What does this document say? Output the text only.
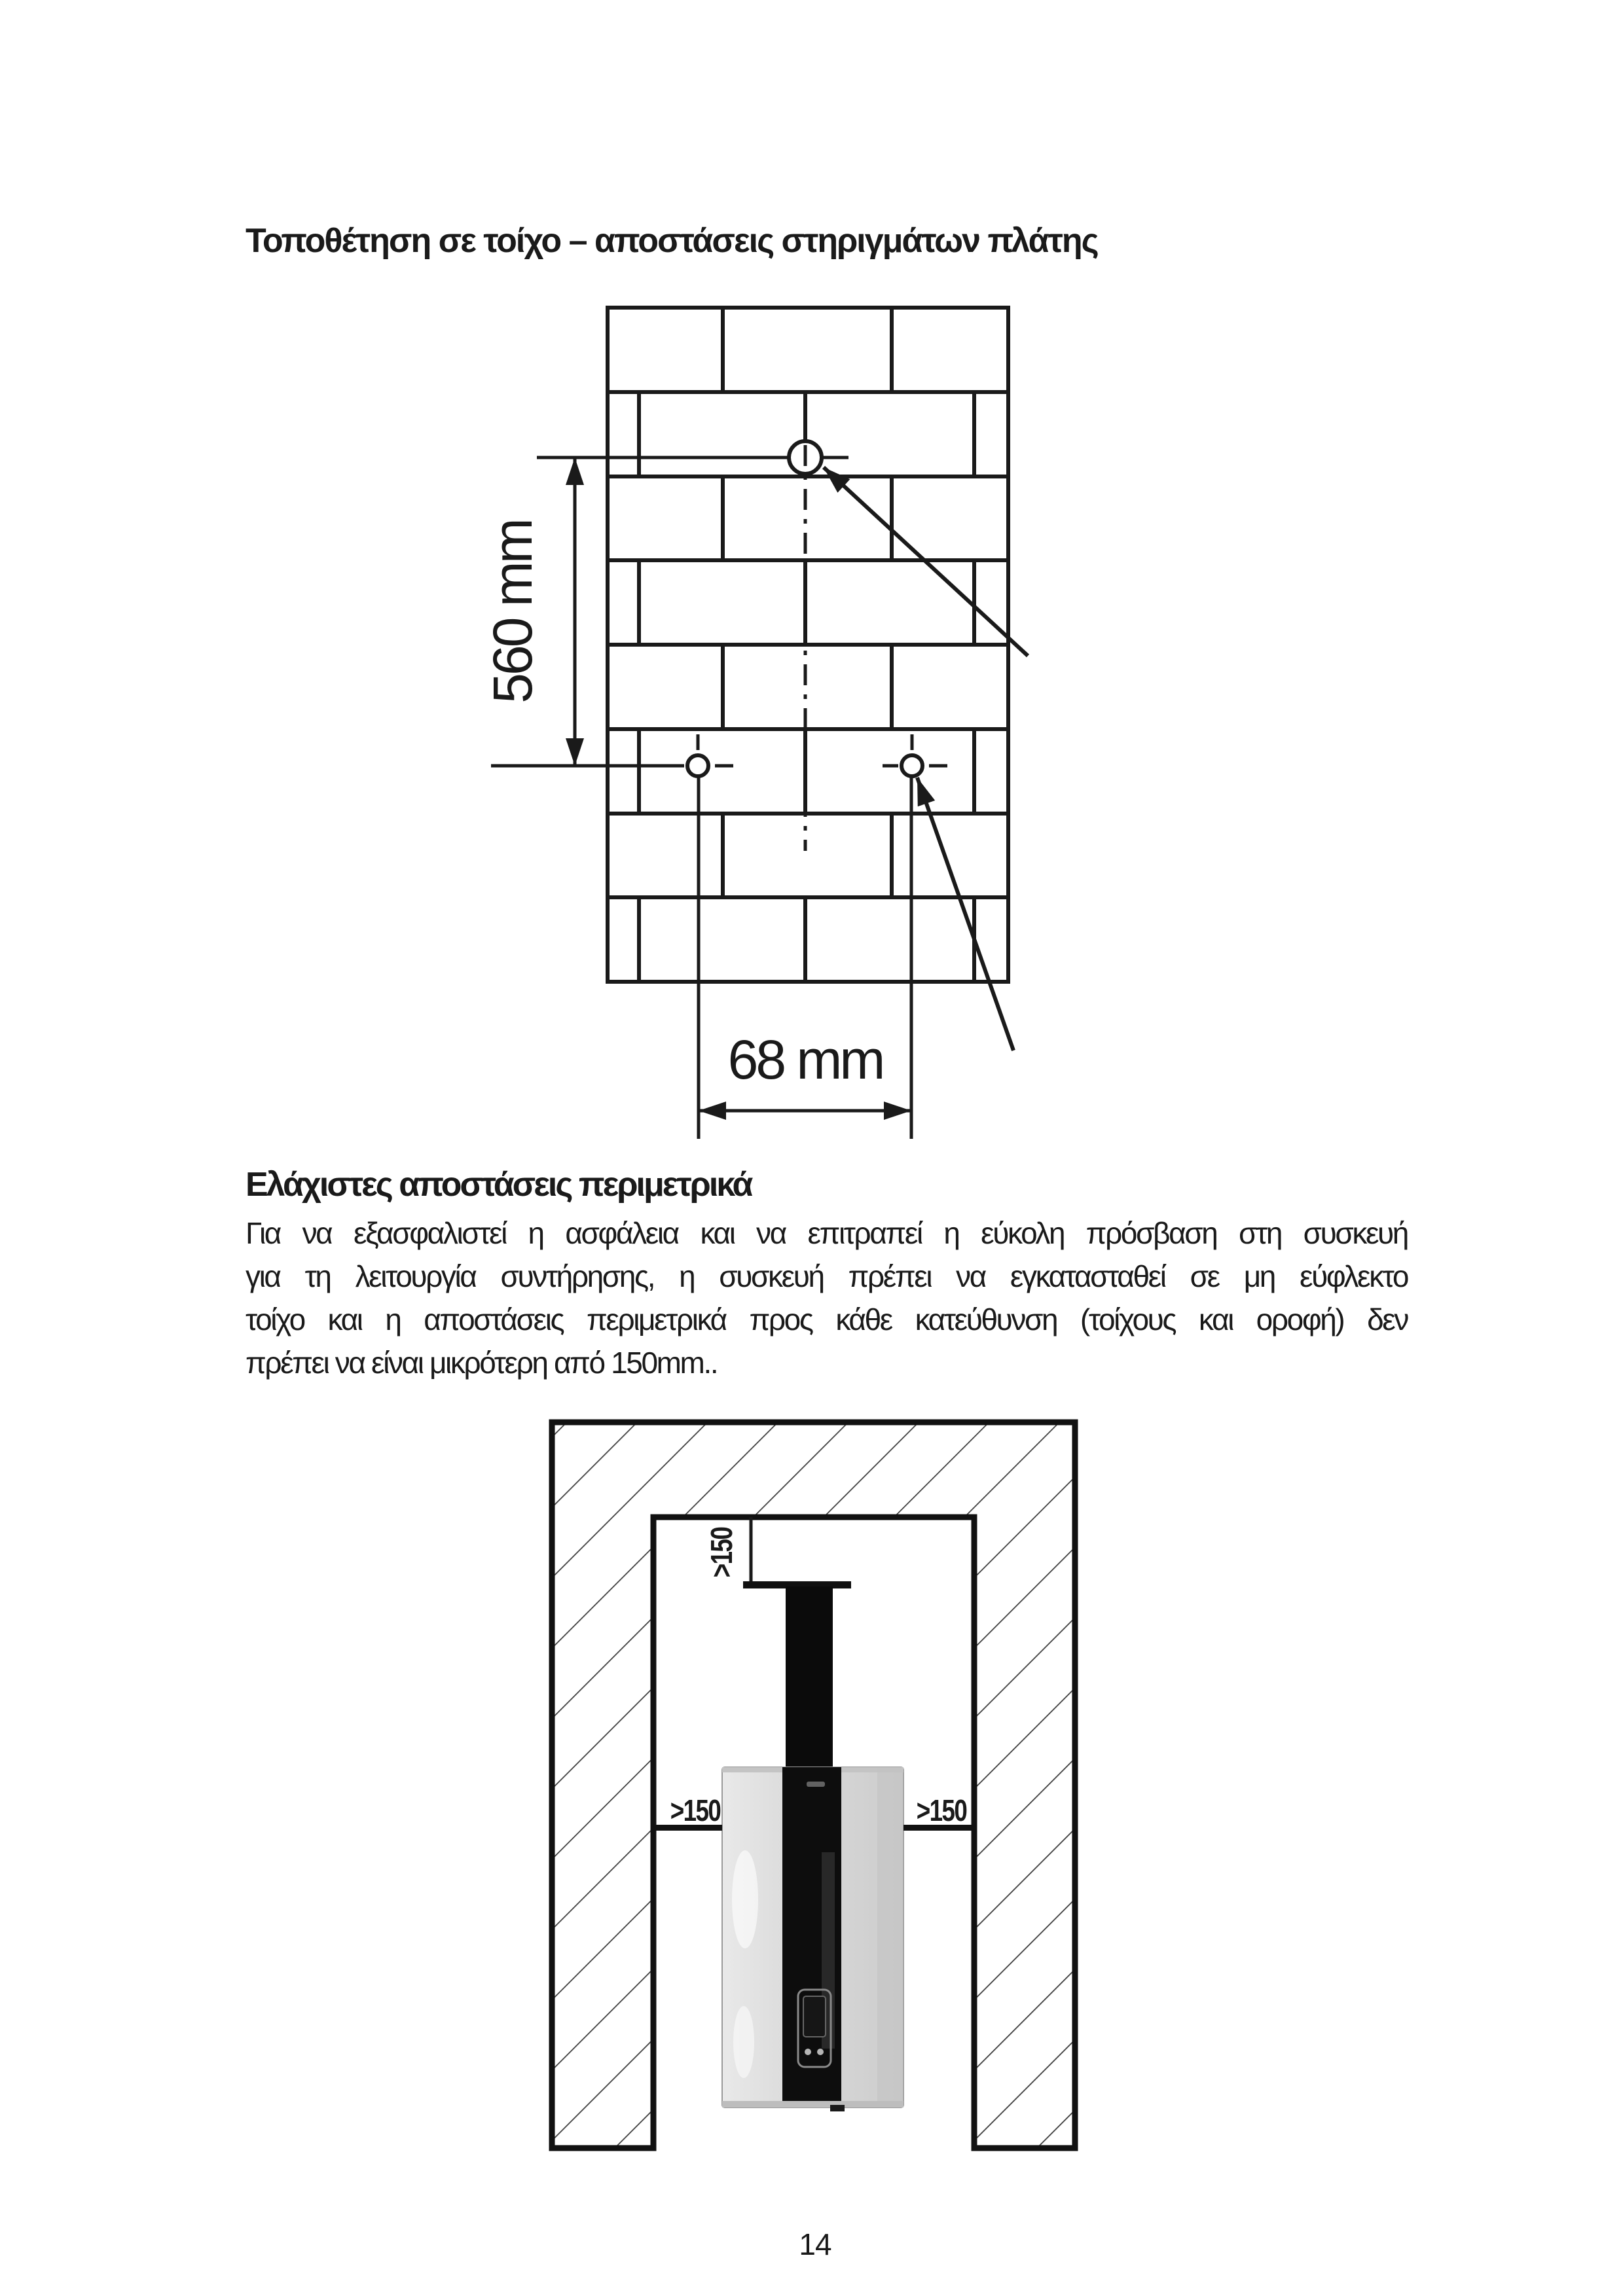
Τοποθέτηση σε τοίχο – αποστάσεις στηριγμάτων πλάτης
560 mm
68 mm
Ελάχιστες αποστάσεις περιμετρικά
Για να εξασφαλιστεί η ασφάλεια και να επιτραπεί η εύκολη πρόσβαση στη συσκευή
για τη λειτουργία συντήρησης, η συσκευή πρέπει να εγκατασταθεί σε μη εύφλεκτο
τοίχο και η αποστάσεις περιμετρικά προς κάθε κατεύθυνση (τοίχους και οροφή) δεν
πρέπει να είναι μικρότερη από 150mm..
>150
>150	>150
14
